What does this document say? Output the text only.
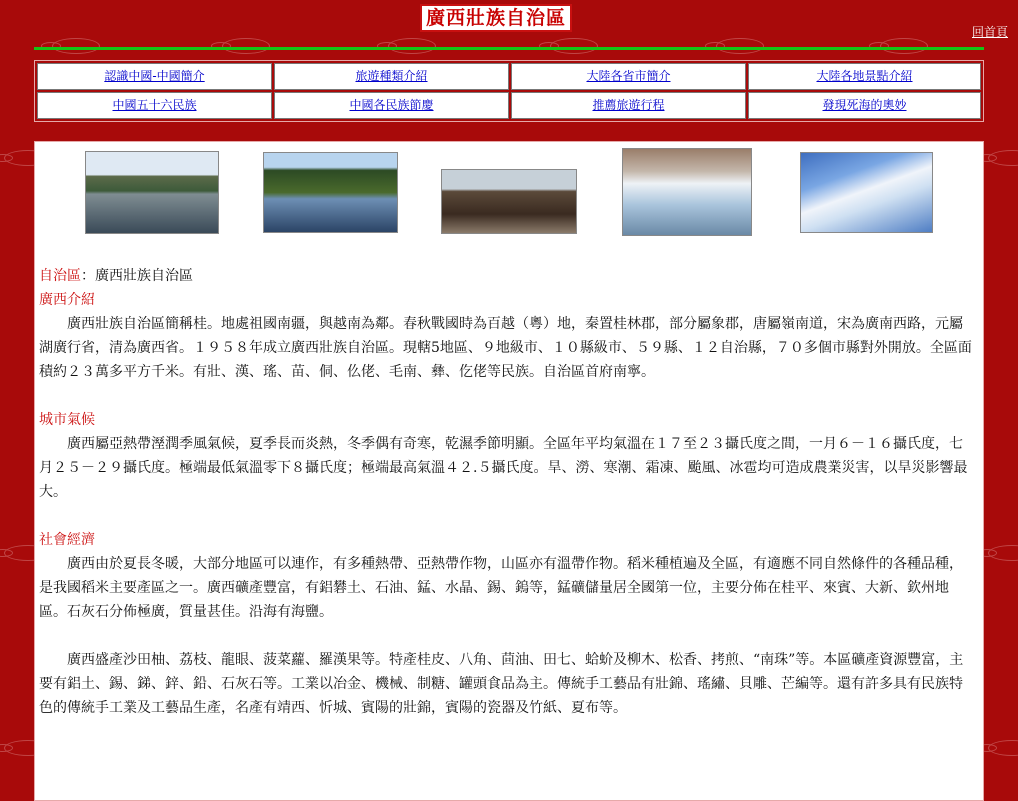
廣西壯族自治區
回首頁
認識中國-中國簡介	旅遊種類介紹	大陸各省市簡介	大陸各地景點介紹
中國五十六民族	中國各民族節慶	推薦旅遊行程	發現死海的奧妙
自治區：廣西壯族自治區
廣西介紹
廣西壯族自治區簡稱桂。地處祖國南疆，與越南為鄰。春秋戰國時為百越（粵）地，秦置桂林郡，部分屬象郡，唐屬嶺南道，宋為廣南西路，元屬湖廣行省，清為廣西省。１９５８年成立廣西壯族自治區。現轄5地區、９地級市、１０縣級市、５９縣、１２自治縣，７０多個市縣對外開放。全區面積約２３萬多平方千米。有壯、漢、瑤、苗、侗、仫佬、毛南、彝、仡佬等民族。自治區首府南寧。
城市氣候
廣西屬亞熱帶溼潤季風氣候，夏季長而炎熱，冬季偶有奇寒，乾濕季節明顯。全區年平均氣溫在１７至２３攝氏度之間，一月６－１６攝氏度，七月２５－２９攝氏度。極端最低氣溫零下８攝氏度；極端最高氣溫４２.５攝氏度。旱、澇、寒潮、霜凍、颱風、冰雹均可造成農業災害，以旱災影響最大。
社會經濟
廣西由於夏長冬暖，大部分地區可以連作，有多種熱帶、亞熱帶作物，山區亦有溫帶作物。稻米種植遍及全區，有適應不同自然條件的各種品種，是我國稻米主要產區之一。廣西礦產豐富，有鋁礬土、石油、錳、水晶、錫、鎢等，錳礦儲量居全國第一位，主要分佈在桂平、來賓、大新、欽州地區。石灰石分佈極廣，質量甚佳。沿海有海鹽。
廣西盛產沙田柚、荔枝、龍眼、菠菜蘿、羅漢果等。特產桂皮、八角、茴油、田七、蛤蚧及柳木、松香、拷煎、“南珠”等。本區礦產資源豐富，主要有鋁土、錫、銻、鋅、鉛、石灰石等。工業以冶金、機械、制糖、罐頭食品為主。傳統手工藝品有壯錦、瑤繡、貝雕、芒編等。還有許多具有民族特色的傳統手工業及工藝品生產，名產有靖西、忻城、賓陽的壯錦，賓陽的瓷器及竹紙、夏布等。
